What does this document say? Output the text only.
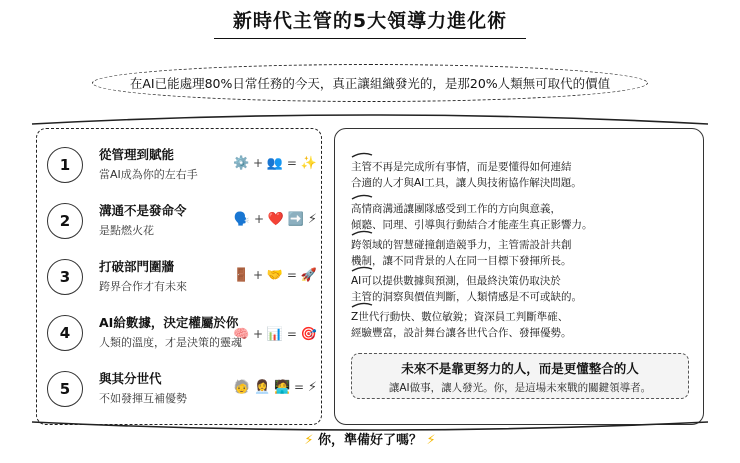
新時代主管的5大領導力進化術
在AI已能處理80%日常任務的今天，真正讓組織發光的，是那20%人類無可取代的價值
1
從管理到賦能
當AI成為你的左右手
⚙️ + 👥 = ✨
2
溝通不是發命令
是點燃火花
🗣️ + ❤️ ➡️ ⚡
3
打破部門圍牆
跨界合作才有未來
🚪 + 🤝 = 🚀
4
AI給數據，決定權屬於你
人類的溫度，才是決策的靈魂
🧠 + 📊 = 🎯
5
與其分世代
不如發揮互補優勢
🧓 👩‍💼 🧑‍💻 = ⚡
主管不再是完成所有事情，而是要懂得如何連結
合適的人才與AI工具，讓人與技術協作解決問題。
高情商溝通讓團隊感受到工作的方向與意義，
傾聽、同理、引導與行動結合才能產生真正影響力。
跨領域的智慧碰撞創造競爭力，主管需設計共創
機制，讓不同背景的人在同一目標下發揮所長。
AI可以提供數據與預測，但最終決策仍取決於
主管的洞察與價值判斷，人類情感是不可或缺的。
Z世代行動快、數位敏銳；資深員工判斷準確、
經驗豐富，設計舞台讓各世代合作、發揮優勢。
未來不是靠更努力的人，而是更懂整合的人
讓AI做事，讓人發光。你，是這場未來戰的關鍵領導者。
⚡ 你，準備好了嗎？ ⚡
